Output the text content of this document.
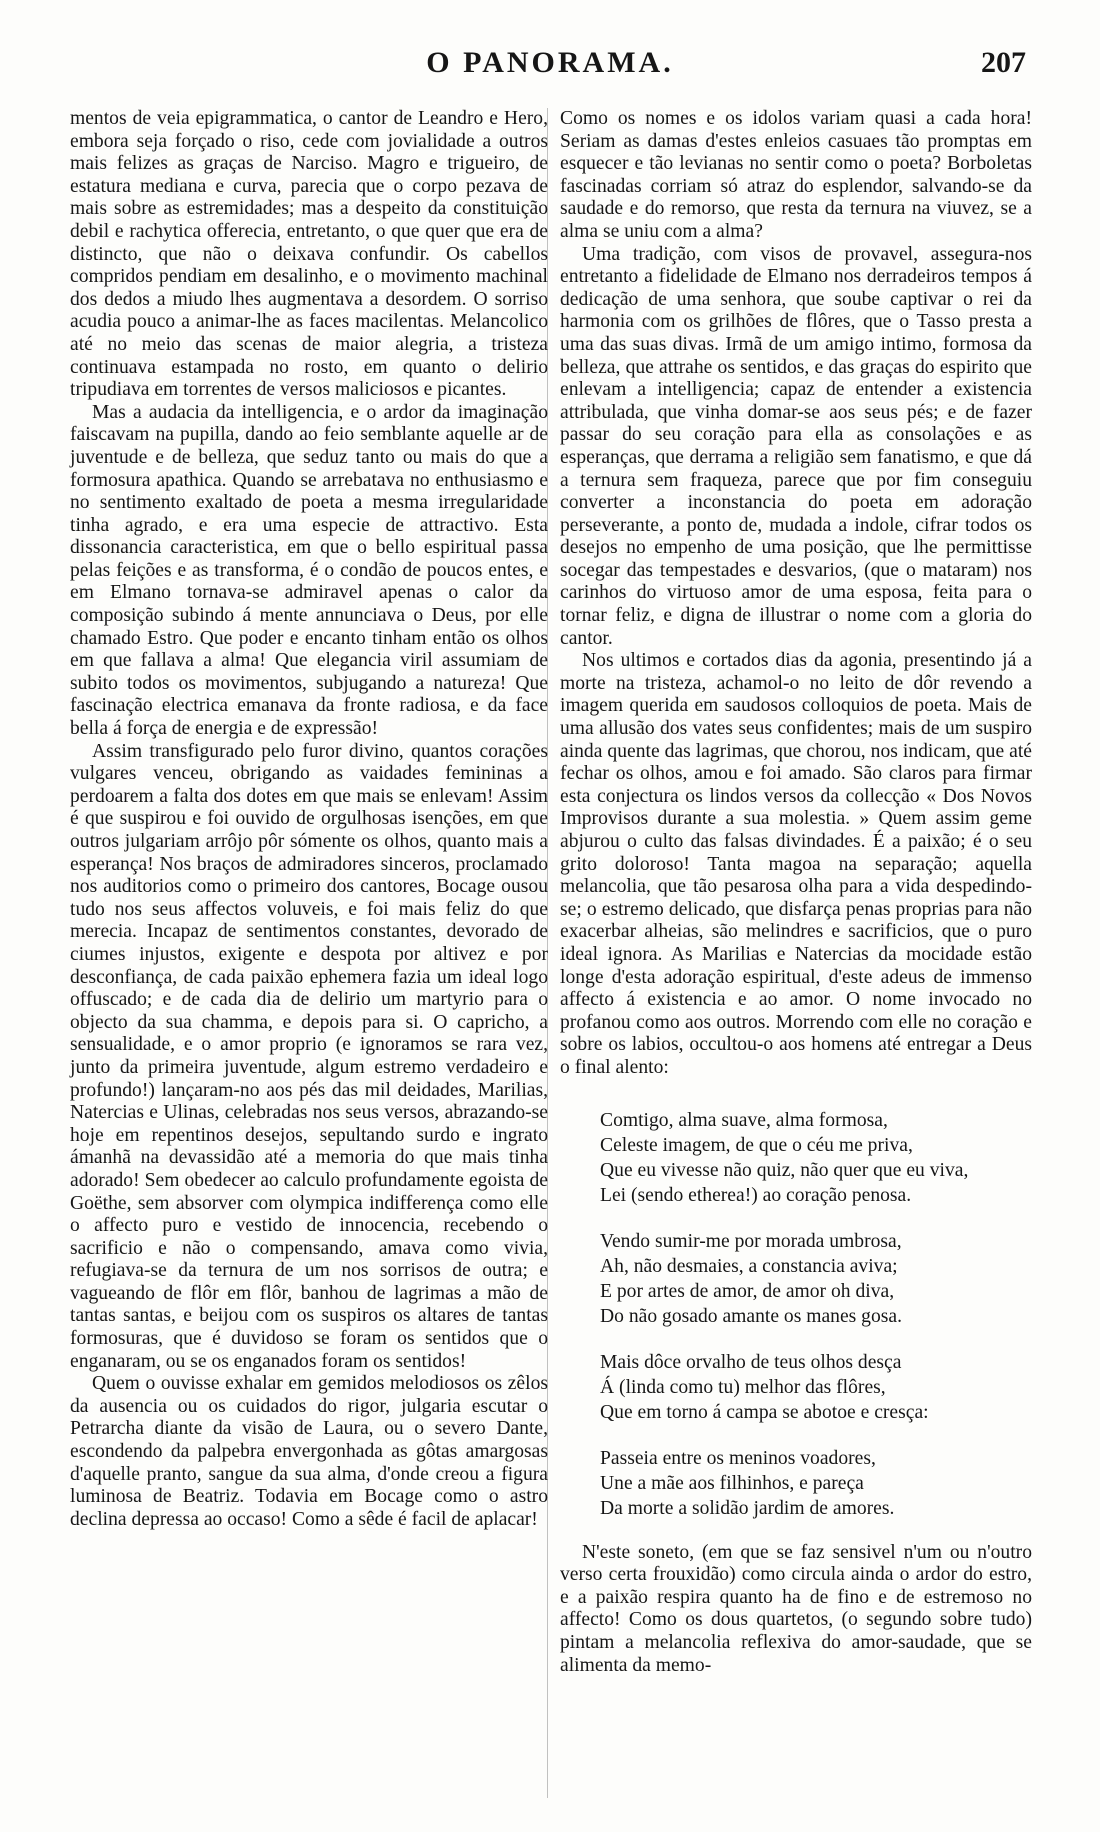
O PANORAMA.	207

mentos de veia epigrammatica, o cantor de Leandro e Hero, embora seja forçado o riso, cede com jovialidade a outros mais felizes as graças de Narciso. Magro e trigueiro, de estatura mediana e curva, parecia que o corpo pezava de mais sobre as estremidades; mas a despeito da constituição debil e rachytica offerecia, entretanto, o que quer que era de distincto, que não o deixava confundir. Os cabellos compridos pendiam em desalinho, e o movimento machinal dos dedos a miudo lhes augmentava a desordem. O sorriso acudia pouco a animar-lhe as faces macilentas. Melancolico até no meio das scenas de maior alegria, a tristeza continuava estampada no rosto, em quanto o delirio tripudiava em torrentes de versos maliciosos e picantes.

Mas a audacia da intelligencia, e o ardor da imaginação faiscavam na pupilla, dando ao feio semblante aquelle ar de juventude e de belleza, que seduz tanto ou mais do que a formosura apathica. Quando se arrebatava no enthusiasmo e no sentimento exaltado de poeta a mesma irregularidade tinha agrado, e era uma especie de attractivo. Esta dissonancia caracteristica, em que o bello espiritual passa pelas feições e as transforma, é o condão de poucos entes, e em Elmano tornava-se admiravel apenas o calor da composição subindo á mente annunciava o Deus, por elle chamado Estro. Que poder e encanto tinham então os olhos em que fallava a alma! Que elegancia viril assumiam de subito todos os movimentos, subjugando a natureza! Que fascinação electrica emanava da fronte radiosa, e da face bella á força de energia e de expressão!

Assim transfigurado pelo furor divino, quantos corações vulgares venceu, obrigando as vaidades femininas a perdoarem a falta dos dotes em que mais se enlevam! Assim é que suspirou e foi ouvido de orgulhosas isenções, em que outros julgariam arrôjo pôr sómente os olhos, quanto mais a esperança! Nos braços de admiradores sinceros, proclamado nos auditorios como o primeiro dos cantores, Bocage ousou tudo nos seus affectos voluveis, e foi mais feliz do que merecia. Incapaz de sentimentos constantes, devorado de ciumes injustos, exigente e despota por altivez e por desconfiança, de cada paixão ephemera fazia um ideal logo offuscado; e de cada dia de delirio um martyrio para o objecto da sua chamma, e depois para si. O capricho, a sensualidade, e o amor proprio (e ignoramos se rara vez, junto da primeira juventude, algum estremo verdadeiro e profundo!) lançaram-no aos pés das mil deidades, Marilias, Natercias e Ulinas, celebradas nos seus versos, abrazando-se hoje em repentinos desejos, sepultando surdo e ingrato ámanhã na devassidão até a memoria do que mais tinha adorado! Sem obedecer ao calculo profundamente egoista de Goëthe, sem absorver com olympica indifferença como elle o affecto puro e vestido de innocencia, recebendo o sacrificio e não o compensando, amava como vivia, refugiava-se da ternura de um nos sorrisos de outra; e vagueando de flôr em flôr, banhou de lagrimas a mão de tantas santas, e beijou com os suspiros os altares de tantas formosuras, que é duvidoso se foram os sentidos que o enganaram, ou se os enganados foram os sentidos!

Quem o ouvisse exhalar em gemidos melodiosos os zêlos da ausencia ou os cuidados do rigor, julgaria escutar o Petrarcha diante da visão de Laura, ou o severo Dante, escondendo da palpebra envergonhada as gôtas amargosas d'aquelle pranto, sangue da sua alma, d'onde creou a figura luminosa de Beatriz. Todavia em Bocage como o astro declina depressa ao occaso! Como a sêde é facil de aplacar!

Como os nomes e os idolos variam quasi a cada hora! Seriam as damas d'estes enleios casuaes tão promptas em esquecer e tão levianas no sentir como o poeta? Borboletas fascinadas corriam só atraz do esplendor, salvando-se da saudade e do remorso, que resta da ternura na viuvez, se a alma se uniu com a alma?

Uma tradição, com visos de provavel, assegura-nos entretanto a fidelidade de Elmano nos derradeiros tempos á dedicação de uma senhora, que soube captivar o rei da harmonia com os grilhões de flôres, que o Tasso presta a uma das suas divas. Irmã de um amigo intimo, formosa da belleza, que attrahe os sentidos, e das graças do espirito que enlevam a intelligencia; capaz de entender a existencia attribulada, que vinha domar-se aos seus pés; e de fazer passar do seu coração para ella as consolações e as esperanças, que derrama a religião sem fanatismo, e que dá a ternura sem fraqueza, parece que por fim conseguiu converter a inconstancia do poeta em adoração perseverante, a ponto de, mudada a indole, cifrar todos os desejos no empenho de uma posição, que lhe permittisse socegar das tempestades e desvarios, (que o mataram) nos carinhos do virtuoso amor de uma esposa, feita para o tornar feliz, e digna de illustrar o nome com a gloria do cantor.

Nos ultimos e cortados dias da agonia, presentindo já a morte na tristeza, achamol-o no leito de dôr revendo a imagem querida em saudosos colloquios de poeta. Mais de uma allusão dos vates seus confidentes; mais de um suspiro ainda quente das lagrimas, que chorou, nos indicam, que até fechar os olhos, amou e foi amado. São claros para firmar esta conjectura os lindos versos da collecção « Dos Novos Improvisos durante a sua molestia. » Quem assim geme abjurou o culto das falsas divindades. É a paixão; é o seu grito doloroso! Tanta magoa na separação; aquella melancolia, que tão pesarosa olha para a vida despedindo-se; o estremo delicado, que disfarça penas proprias para não exacerbar alheias, são melindres e sacrificios, que o puro ideal ignora. As Marilias e Natercias da mocidade estão longe d'esta adoração espiritual, d'este adeus de immenso affecto á existencia e ao amor. O nome invocado no profanou como aos outros. Morrendo com elle no coração e sobre os labios, occultou-o aos homens até entregar a Deus o final alento:

Comtigo, alma suave, alma formosa,
Celeste imagem, de que o céu me priva,
Que eu vivesse não quiz, não quer que eu viva,
Lei (sendo etherea!) ao coração penosa.
Vendo sumir-me por morada umbrosa,
Ah, não desmaies, a constancia aviva;
E por artes de amor, de amor oh diva,
Do não gosado amante os manes gosa.
Mais dôce orvalho de teus olhos desça
Á (linda como tu) melhor das flôres,
Que em torno á campa se abotoe e cresça:
Passeia entre os meninos voadores,
Une a mãe aos filhinhos, e pareça
Da morte a solidão jardim de amores.

N'este soneto, (em que se faz sensivel n'um ou n'outro verso certa frouxidão) como circula ainda o ardor do estro, e a paixão respira quanto ha de fino e de estremoso no affecto! Como os dous quartetos, (o segundo sobre tudo) pintam a melancolia reflexiva do amor-saudade, que se alimenta da memo-
